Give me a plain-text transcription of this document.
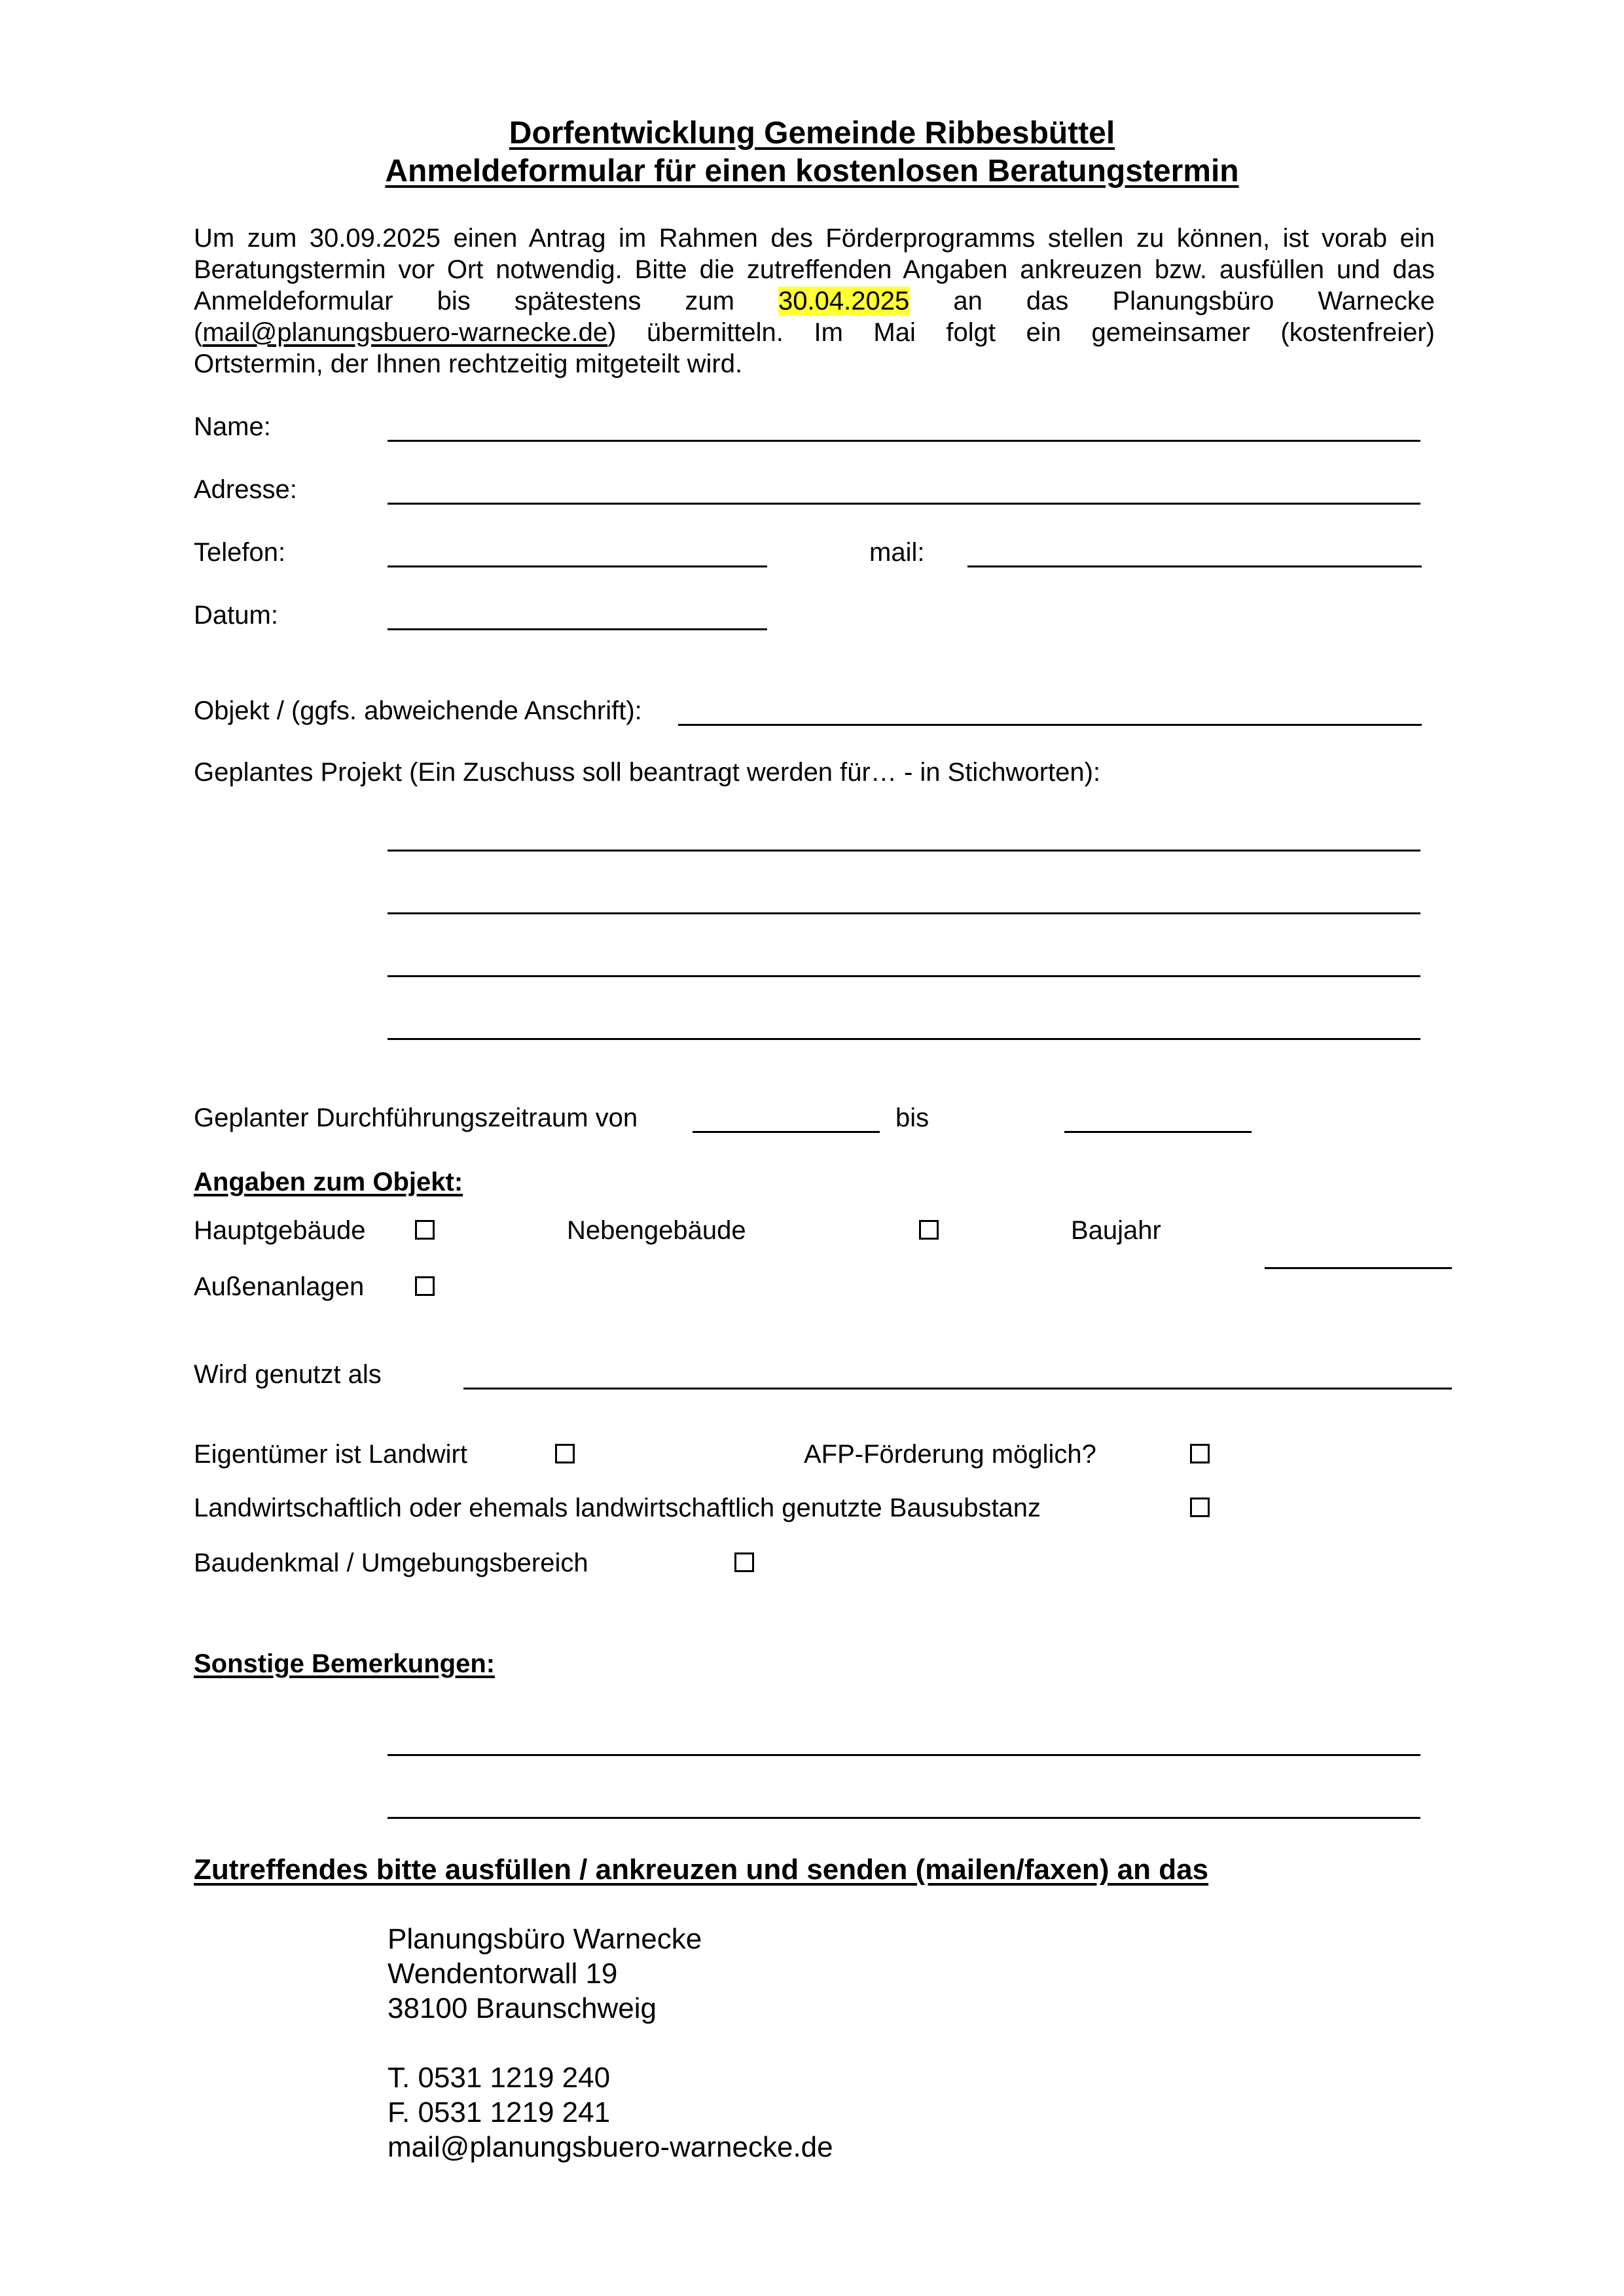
Dorfentwicklung Gemeinde Ribbesbüttel
Anmeldeformular für einen kostenlosen Beratungstermin
Um zum 30.09.2025 einen Antrag im Rahmen des Förderprogramms stellen zu können, ist vorab ein
Beratungstermin vor Ort notwendig. Bitte die zutreffenden Angaben ankreuzen bzw. ausfüllen und das
Anmeldeformular bis spätestens zum 30.04.2025 an das Planungsbüro Warnecke
(mail@planungsbuero-warnecke.de) übermitteln. Im Mai folgt ein gemeinsamer (kostenfreier)
Ortstermin, der Ihnen rechtzeitig mitgeteilt wird.
Name:
Adresse:
Telefon:	mail:
Datum:
Objekt / (ggfs. abweichende Anschrift):
Geplantes Projekt (Ein Zuschuss soll beantragt werden für… - in Stichworten):
Geplanter Durchführungszeitraum von	bis
Angaben zum Objekt:
Hauptgebäude	Nebengebäude	Baujahr
Außenanlagen
Wird genutzt als
Eigentümer ist Landwirt	AFP-Förderung möglich?
Landwirtschaftlich oder ehemals landwirtschaftlich genutzte Bausubstanz
Baudenkmal / Umgebungsbereich
Sonstige Bemerkungen:
Zutreffendes bitte ausfüllen / ankreuzen und senden (mailen/faxen) an das
Planungsbüro Warnecke
Wendentorwall 19
38100 Braunschweig
T. 0531 1219 240
F. 0531 1219 241
mail@planungsbuero-warnecke.de
